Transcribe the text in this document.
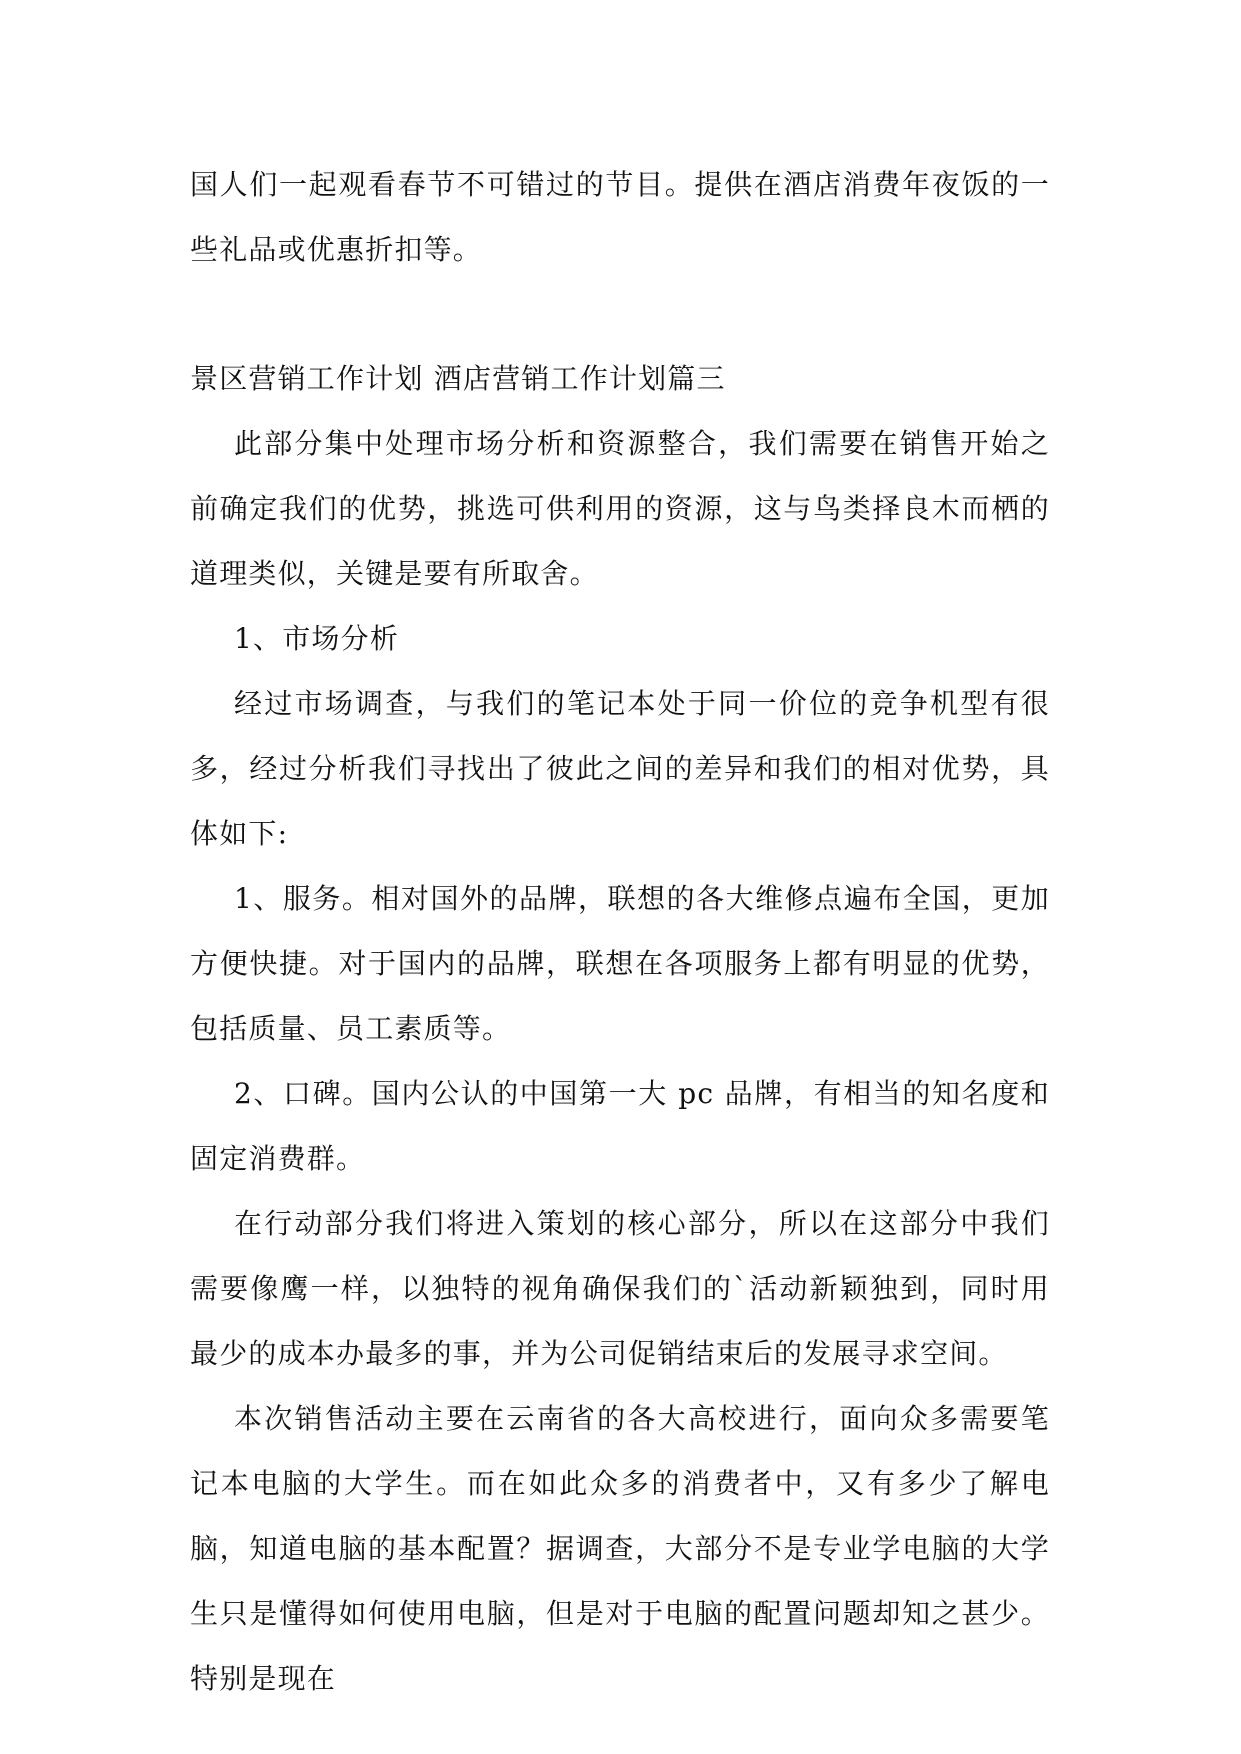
国人们一起观看春节不可错过的节目。提供在酒店消费年夜饭的一些礼品或优惠折扣等。

景区营销工作计划 酒店营销工作计划篇三

此部分集中处理市场分析和资源整合，我们需要在销售开始之前确定我们的优势，挑选可供利用的资源，这与鸟类择良木而栖的道理类似，关键是要有所取舍。

1、市场分析

经过市场调查，与我们的笔记本处于同一价位的竞争机型有很多，经过分析我们寻找出了彼此之间的差异和我们的相对优势，具体如下:

1、服务。相对国外的品牌，联想的各大维修点遍布全国，更加方便快捷。对于国内的品牌，联想在各项服务上都有明显的优势，包括质量、员工素质等。

2、口碑。国内公认的中国第一大 pc 品牌，有相当的知名度和固定消费群。

在行动部分我们将进入策划的核心部分，所以在这部分中我们需要像鹰一样，以独特的视角确保我们的`活动新颖独到，同时用最少的成本办最多的事，并为公司促销结束后的发展寻求空间。

本次销售活动主要在云南省的各大高校进行，面向众多需要笔记本电脑的大学生。而在如此众多的消费者中，又有多少了解电脑，知道电脑的基本配置？据调查，大部分不是专业学电脑的大学生只是懂得如何使用电脑，但是对于电脑的配置问题却知之甚少。特别是现在
